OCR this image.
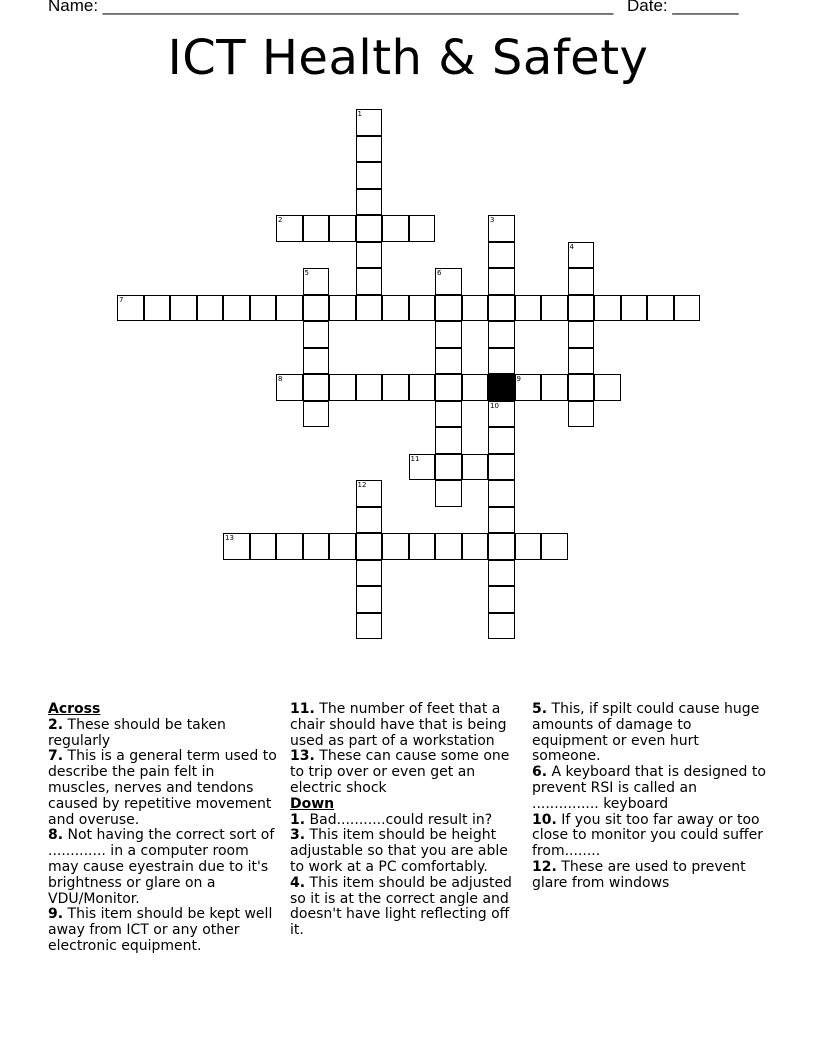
Name: ______________________________________________________ Date: _______
ICT Health & Safety
1
2	3
4
5	6
7
8	9
10
11
12
13
Across

2. These should be taken regularly

7. This is a general term used to describe the pain felt in muscles, nerves and tendons caused by repetitive movement and overuse.

8. Not having the correct sort of ............. in a computer room may cause eyestrain due to it's brightness or glare on a VDU/Monitor.

9. This item should be kept well away from ICT or any other electronic equipment.

11. The number of feet that a chair should have that is being used as part of a workstation

13. These can cause some one to trip over or even get an electric shock

Down

1. Bad...........could result in?

3. This item should be height adjustable so that you are able to work at a PC comfortably.

4. This item should be adjusted so it is at the correct angle and doesn't have light reflecting off it.

5. This, if spilt could cause huge amounts of damage to equipment or even hurt someone.

6. A keyboard that is designed to prevent RSI is called an ............... keyboard

10. If you sit too far away or too close to monitor you could suffer from........

12. These are used to prevent glare from windows
